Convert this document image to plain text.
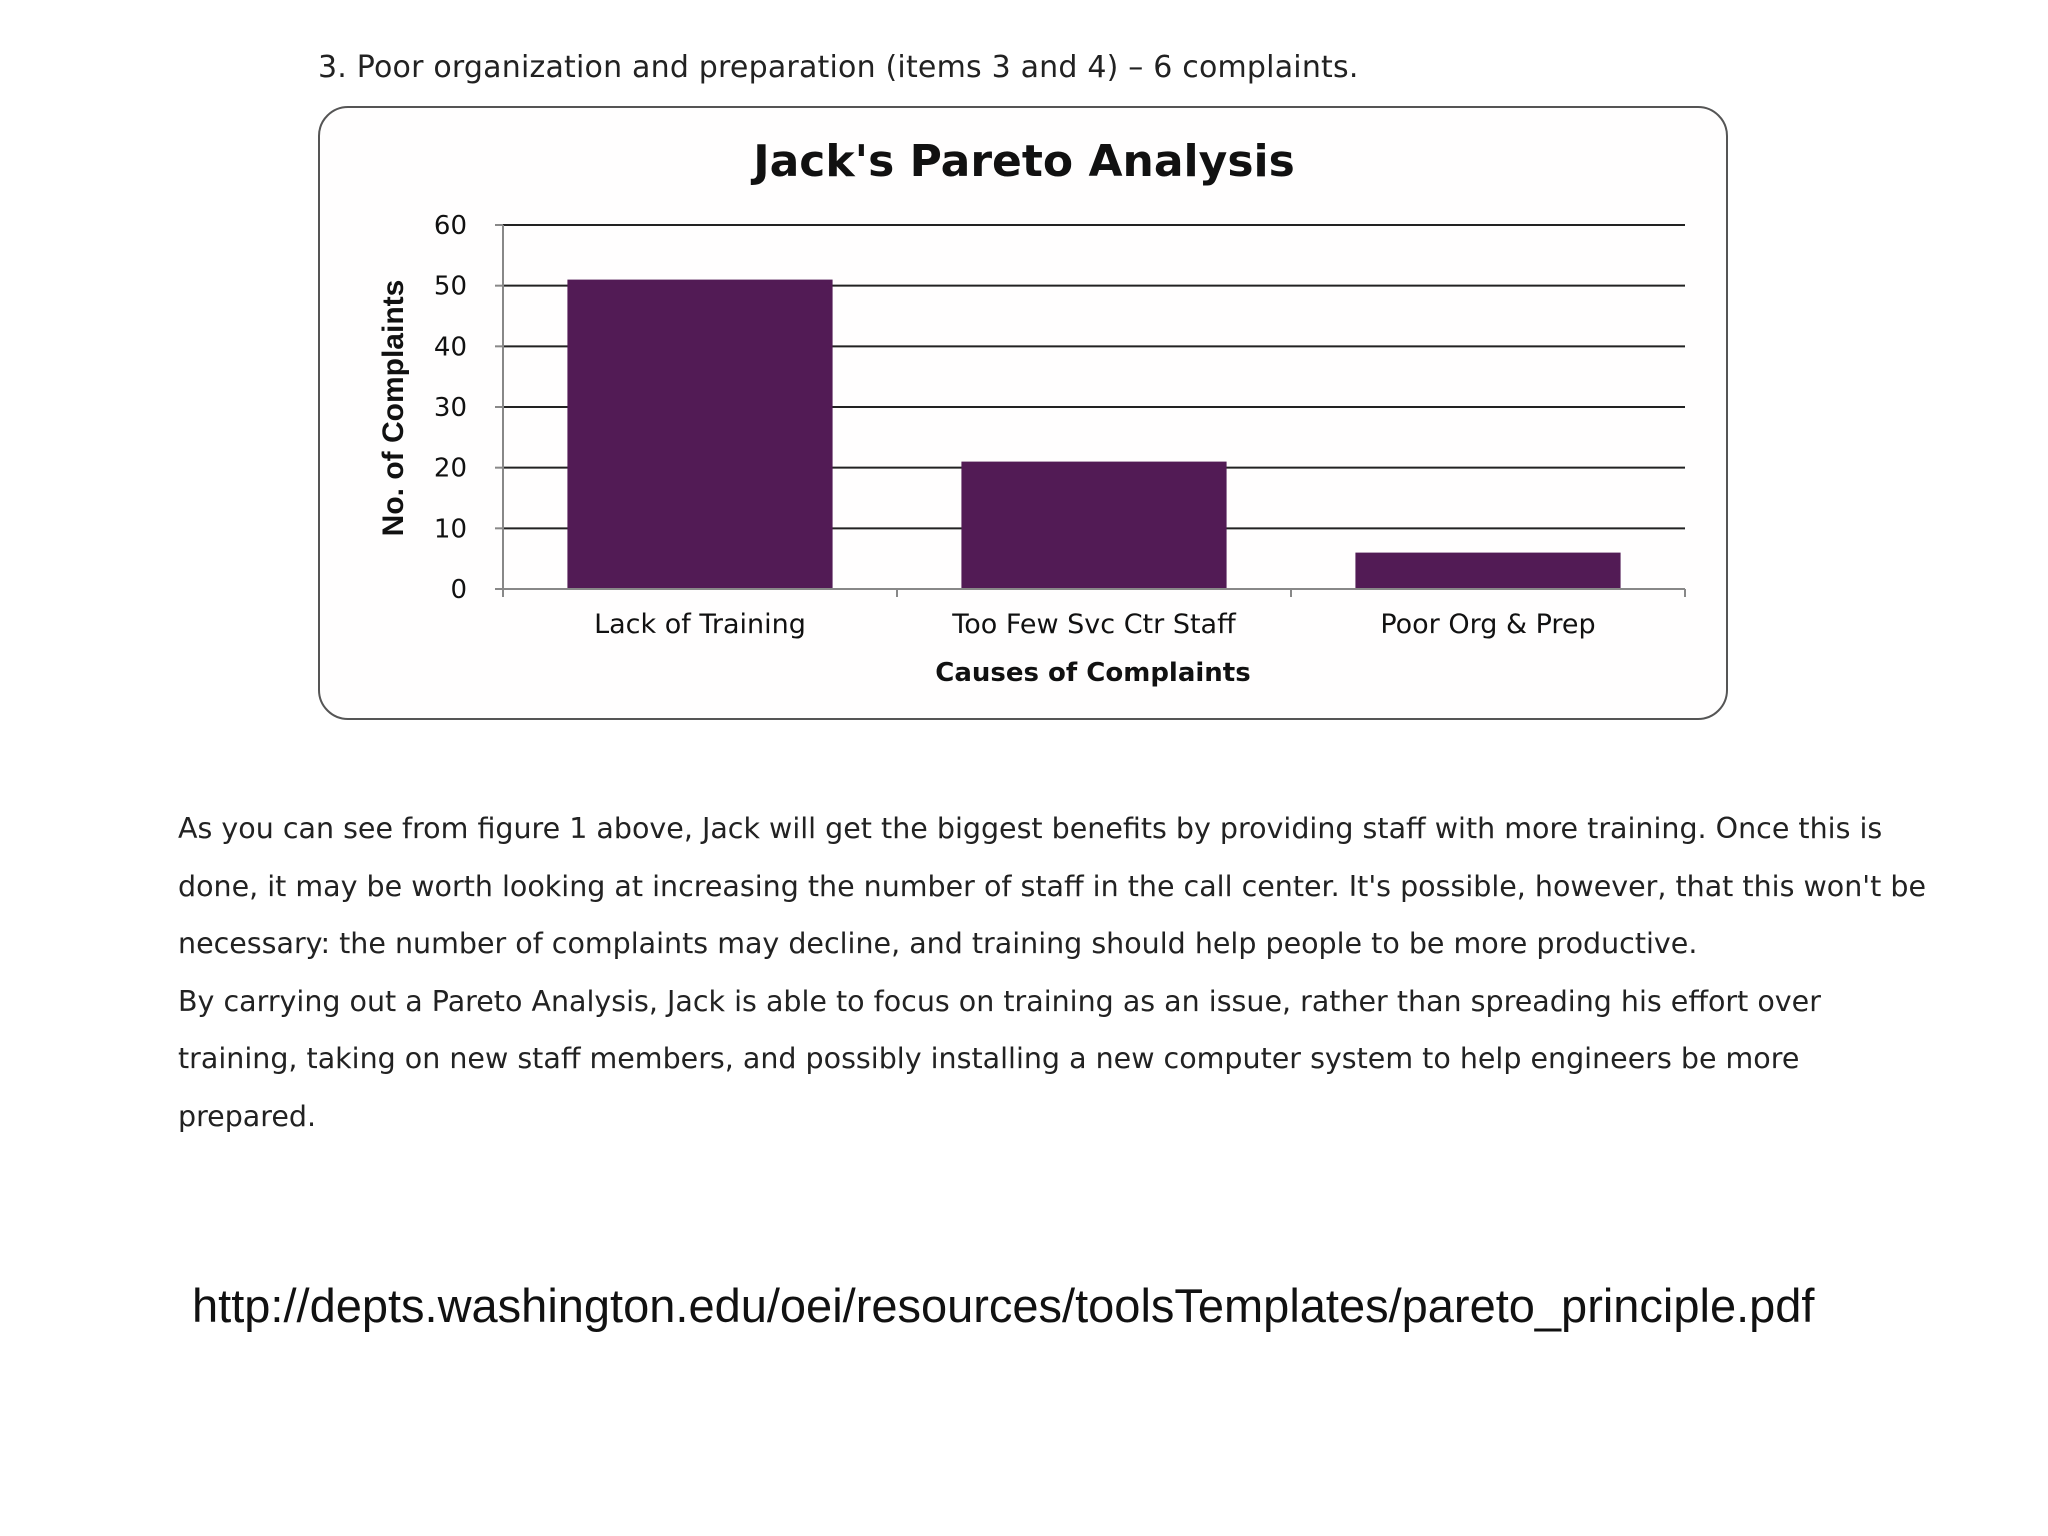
3. Poor organization and preparation (items 3 and 4) – 6 complaints.
Jack's Pareto Analysis
0
10
20
30
40
50
60
Lack of Training	Too Few Svc Ctr Staff	Poor Org & Prep
Causes of Complaints
No. of Complaints

As you can see from figure 1 above, Jack will get the biggest benefits by providing staff with more training. Once this is done, it may be worth looking at increasing the number of staff in the call center. It's possible, however, that this won't be necessary: the number of complaints may decline, and training should help people to be more productive.

By carrying out a Pareto Analysis, Jack is able to focus on training as an issue, rather than spreading his effort over training, taking on new staff members, and possibly installing a new computer system to help engineers be more prepared.

http://depts.washington.edu/oei/resources/toolsTemplates/pareto_principle.pdf
